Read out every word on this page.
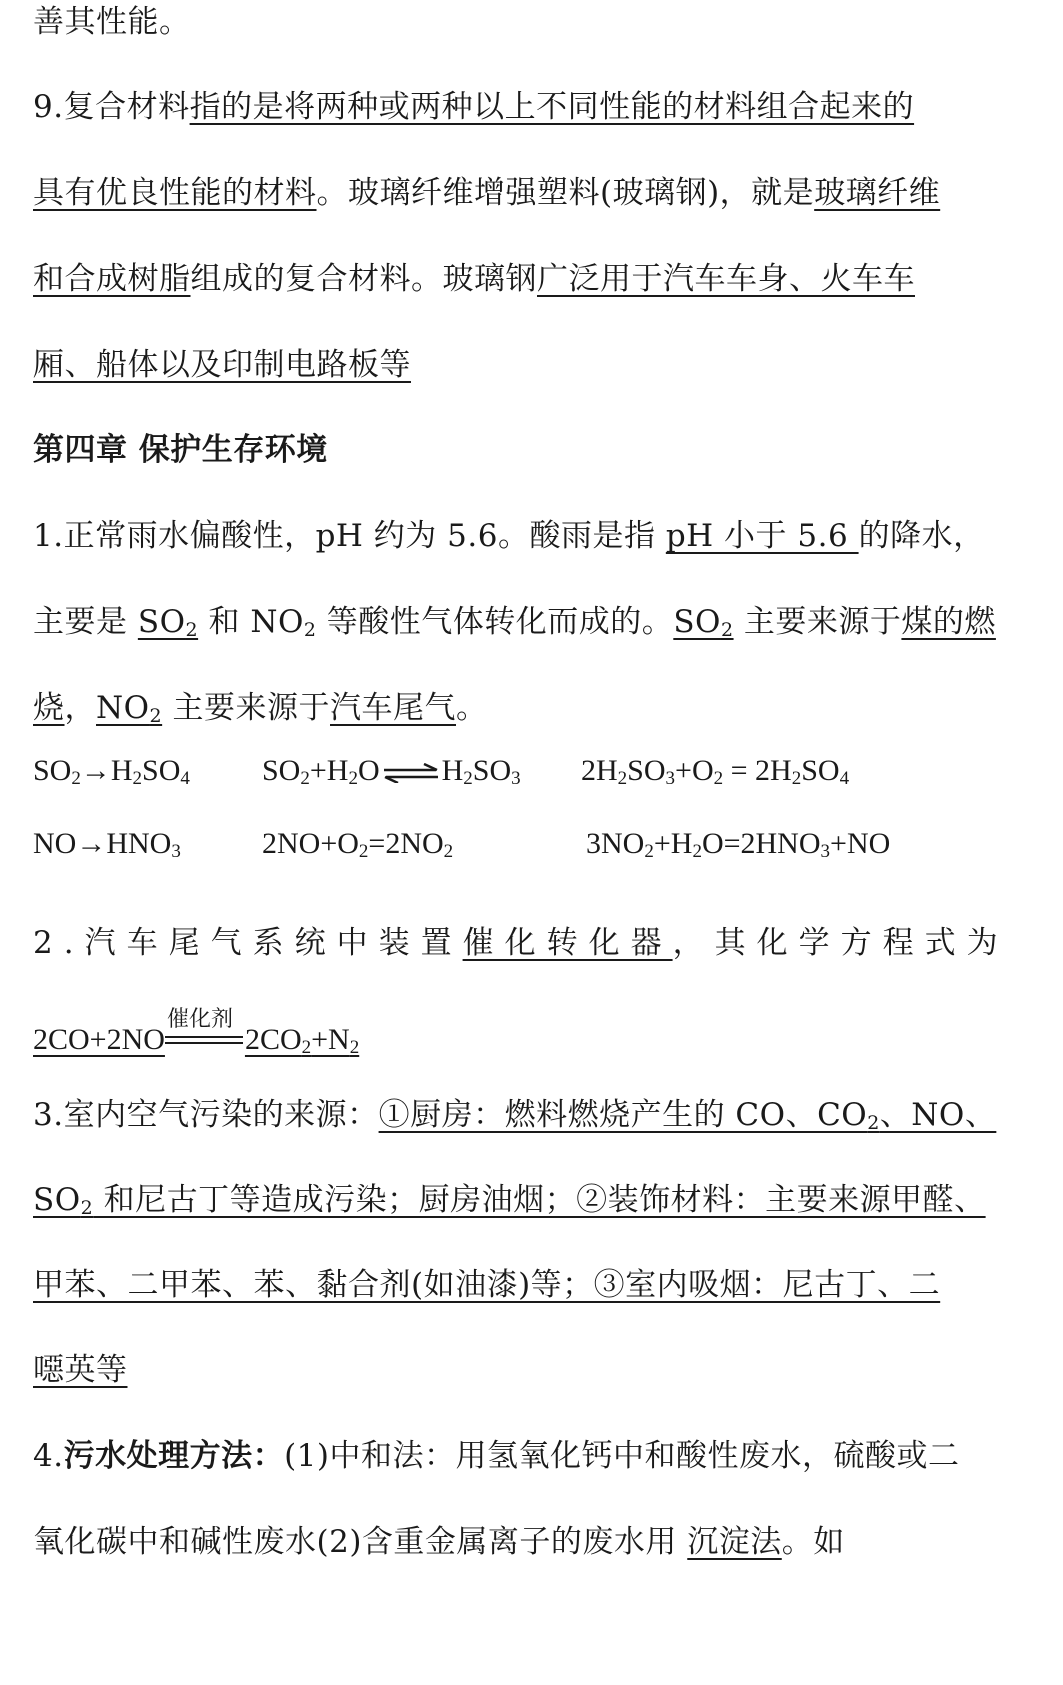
善其性能。
9.复合材料指的是将两种或两种以上不同性能的材料组合起来的
具有优良性能的材料。玻璃纤维增强塑料(玻璃钢)，就是玻璃纤维
和合成树脂组成的复合材料。玻璃钢广泛用于汽车车身、火车车
厢、船体以及印制电路板等
第四章 保护生存环境
1.正常雨水偏酸性，pH 约为 5.6。酸雨是指 pH 小于 5.6 的降水，
主要是 $SO_2$ 和 $NO_2$ 等酸性气体转化而成的。$SO_2$ 主要来源于煤的燃
烧，$NO_2$ 主要来源于汽车尾气。
$SO_2\to H_2SO_4$ $SO_2+H_2O$ ⇌ $H_2SO_3$ $2H_2SO_3+O_2 = 2H_2SO_4$
$NO\to HNO_3$	$2NO+O_2=2NO_2$	$3NO_2+H_2O=2HNO_3+NO$
2.汽车尾气系统中装置催化转化器，其化学方程式为
2CO+2NO
催化剂
$2CO_2+N_2$
3.室内空气污染的来源：①厨房：燃料燃烧产生的 CO、$CO_2$、NO、
$SO_2$ 和尼古丁等造成污染；厨房油烟；②装饰材料：主要来源甲醛、
甲苯、二甲苯、苯、黏合剂(如油漆)等；③室内吸烟：尼古丁、二
噁英等
4.污水处理方法：(1)中和法：用氢氧化钙中和酸性废水，硫酸或二
氧化碳中和碱性废水(2)含重金属离子的废水用 沉淀法。如
